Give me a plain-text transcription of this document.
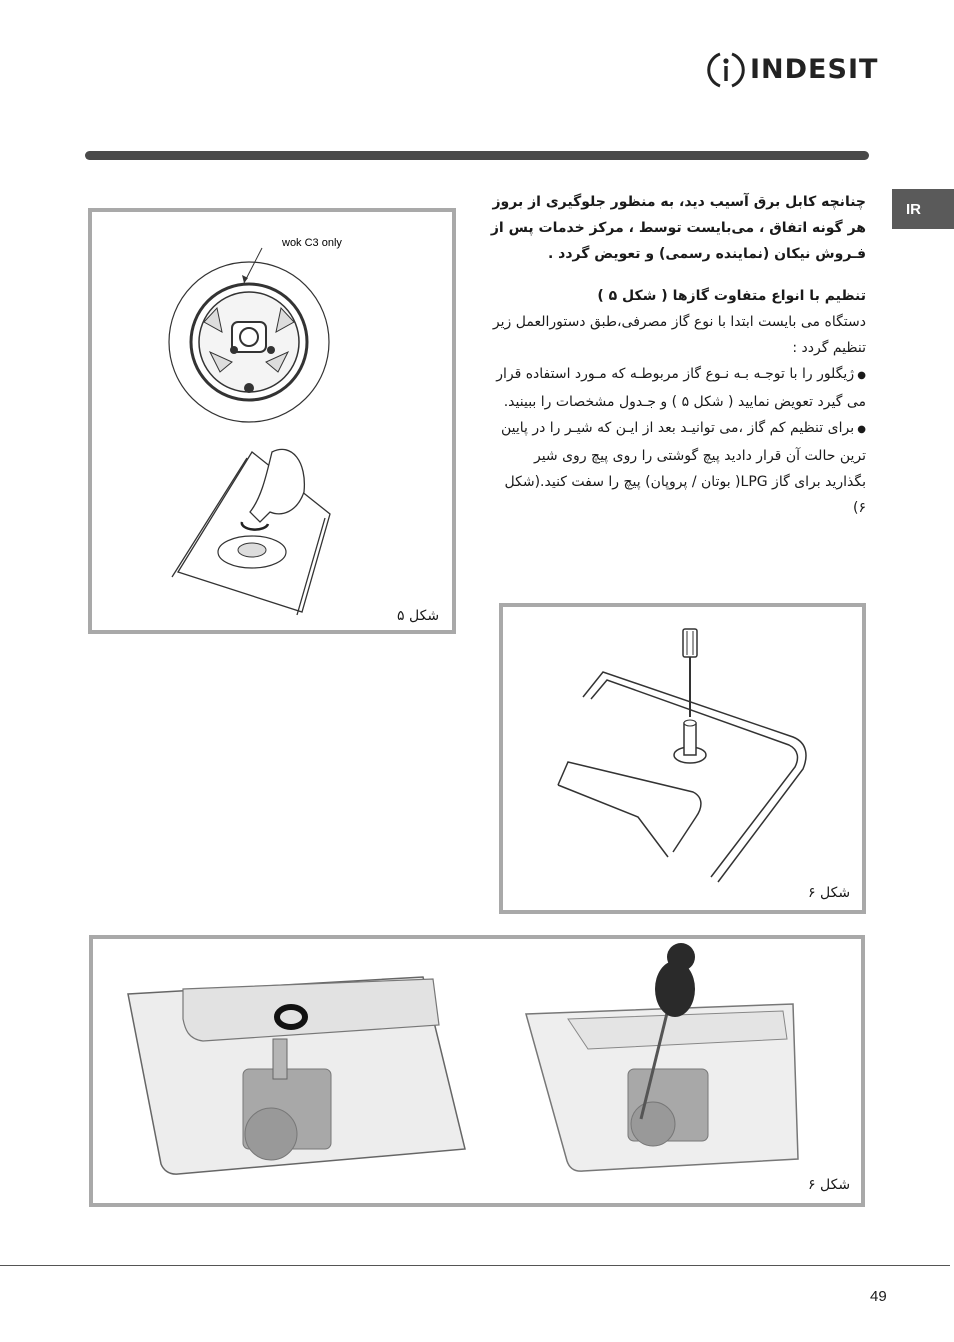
INDESIT
IR

چنانچه کابل برق آسیب دید، به منظور جلوگیری از بروز هر گونه اتفاق ، می‌بایست توسط ، مرکز خدمات پس از فـروش نیکان (نماینده رسمی) و تعویض گردد .

تنظیم با انواع متفاوت گازها ( شکل ۵ )

دستگاه می بایست ابتدا با نوع گاز مصرفی،طبق دستورالعمل زیر تنظیم گردد :

● ژیگلور را با توجـه بـه نـوع گاز مربوطـه که مـورد استفاده قرار می گیرد تعویض نمایید ( شکل ۵ ) و جـدول مشخصات را ببینید.

● برای تنظیم کم گاز ،می توانیـد بعد از ایـن که شیـر را در پایین ترین حالت آن قرار دادید پیچ گوشتی را روی پیچ روی شیر بگذارید برای گاز LPG( بوتان / پروپان) پیچ را سفت کنید.(شکل ۶)

wok C3 only
شکل ۵
شکل ۶
شکل ۶
49
